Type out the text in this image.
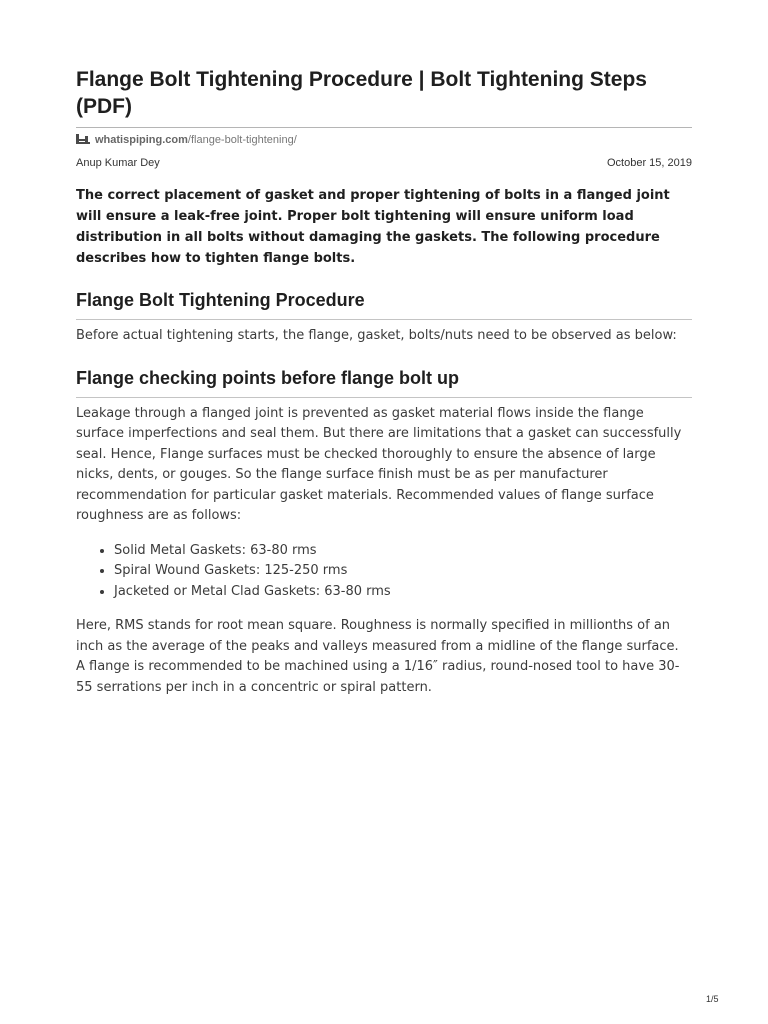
Flange Bolt Tightening Procedure | Bolt Tightening Steps (PDF)
whatispiping.com/flange-bolt-tightening/
Anup Kumar Dey	October 15, 2019

The correct placement of gasket and proper tightening of bolts in a flanged joint will ensure a leak-free joint. Proper bolt tightening will ensure uniform load distribution in all bolts without damaging the gaskets. The following procedure describes how to tighten flange bolts.

Flange Bolt Tightening Procedure

Before actual tightening starts, the flange, gasket, bolts/nuts need to be observed as below:

Flange checking points before flange bolt up

Leakage through a flanged joint is prevented as gasket material flows inside the flange surface imperfections and seal them. But there are limitations that a gasket can successfully seal. Hence, Flange surfaces must be checked thoroughly to ensure the absence of large nicks, dents, or gouges. So the flange surface finish must be as per manufacturer recommendation for particular gasket materials. Recommended values of flange surface roughness are as follows:

• Solid Metal Gaskets: 63-80 rms
• Spiral Wound Gaskets: 125-250 rms
• Jacketed or Metal Clad Gaskets: 63-80 rms

Here, RMS stands for root mean square. Roughness is normally specified in millionths of an inch as the average of the peaks and valleys measured from a midline of the flange surface.

A flange is recommended to be machined using a 1/16″ radius, round-nosed tool to have 30-55 serrations per inch in a concentric or spiral pattern.

1/5
